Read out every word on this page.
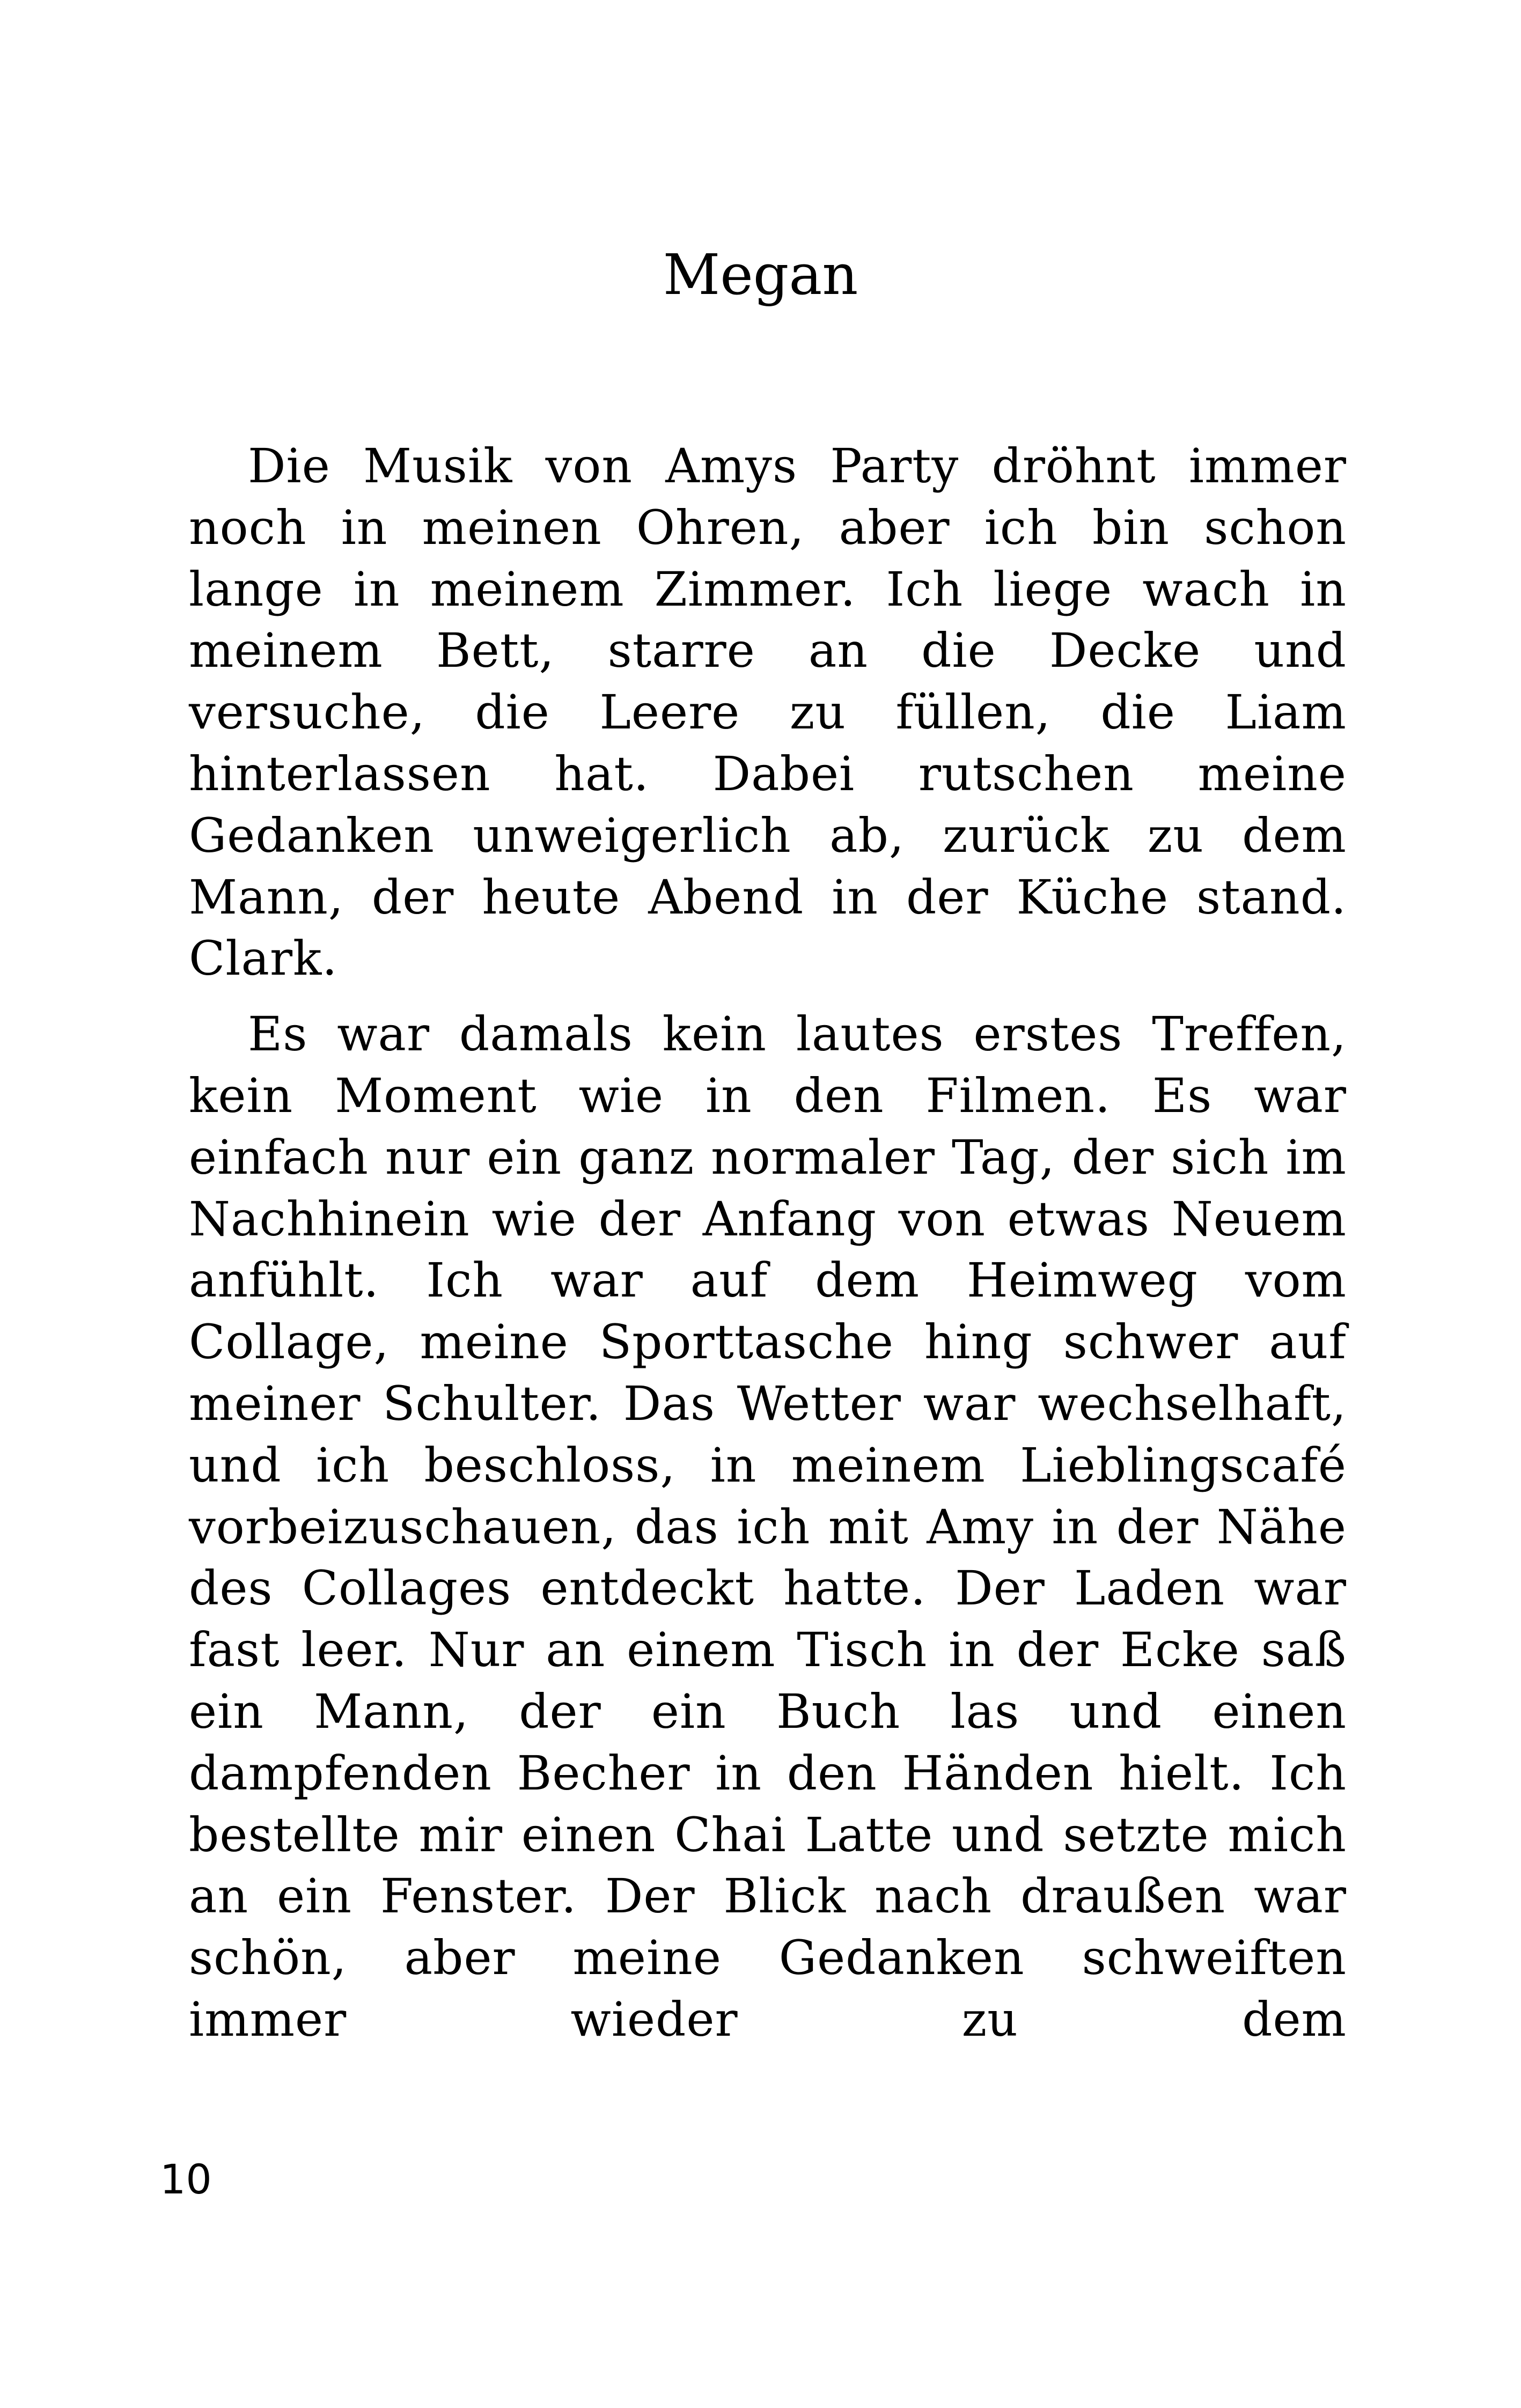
Megan

Die Musik von Amys Party dröhnt immer noch in meinen Ohren, aber ich bin schon lange in meinem Zimmer. Ich liege wach in meinem Bett, starre an die Decke und versuche, die Leere zu füllen, die Liam hinterlassen hat. Dabei rutschen meine Gedanken unweigerlich ab, zurück zu dem Mann, der heute Abend in der Küche stand. Clark.

Es war damals kein lautes erstes Treffen, kein Moment wie in den Filmen. Es war einfach nur ein ganz normaler Tag, der sich im Nachhinein wie der Anfang von etwas Neuem anfühlt. Ich war auf dem Heimweg vom Collage, meine Sporttasche hing schwer auf meiner Schulter. Das Wetter war wechselhaft, und ich beschloss, in meinem Lieblingscafé vorbeizuschauen, das ich mit Amy in der Nähe des Collages entdeckt hatte. Der Laden war fast leer. Nur an einem Tisch in der Ecke saß ein Mann, der ein Buch las und einen dampfenden Becher in den Händen hielt. Ich bestellte mir einen Chai Latte und setzte mich an ein Fenster. Der Blick nach draußen war schön, aber meine Gedanken schweiften immer wieder zu dem

10
